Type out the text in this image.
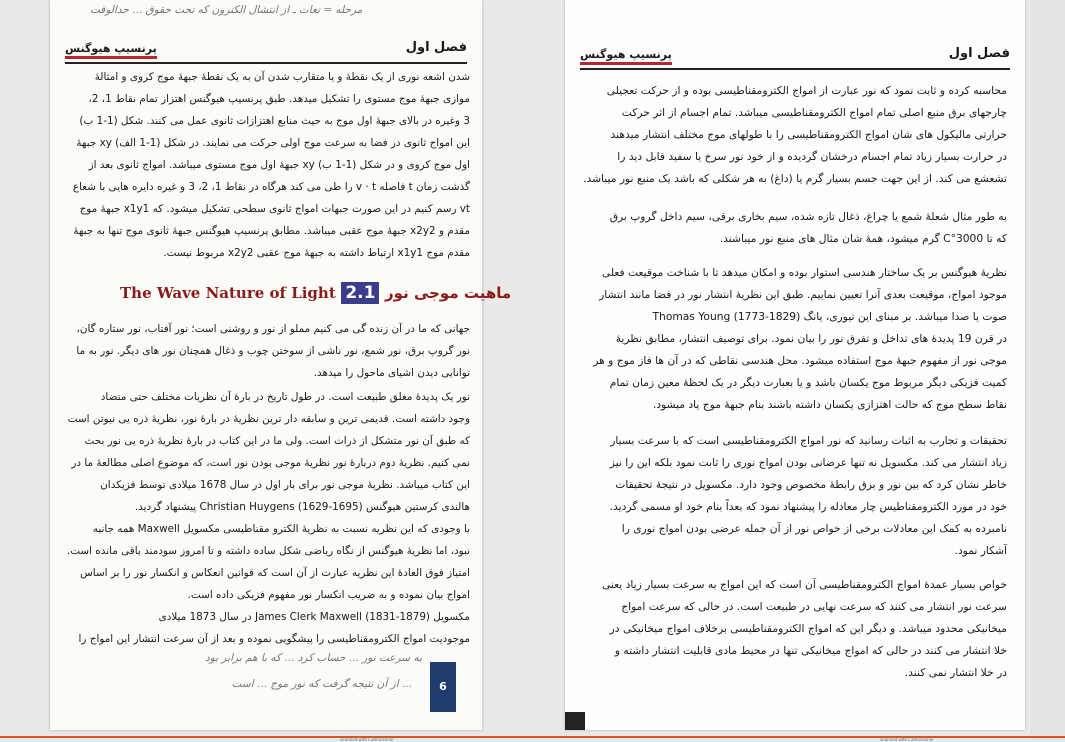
مرحله = تعات ـ از انتشال الکترون که تحت حقوق ... حد‌الوقت
فصل اول
پرنسیپ هیوگنس
شدن اشعه نوری از یک نقطهٔ و یا متقارب شدن آن به یک نقطهٔ جبههٔ موج کروی و امثالهٔ
موازی جبههٔ موج مستوی را تشکیل میدهد. طبق پرنسیپ هیوگنس اهتزاز تمام نقاط 1، 2،
3 وغیره در بالای جبههٔ اول موج به حیث منابع اهتزازات ثانوی عمل می کنند. شکل (1-1 ب)
این امواج ثانوی در فضا به سرعت موج اولی حرکت می نمایند. در شکل (1-1 الف) xy جبههٔ
اول موج کروی و در شکل (1-1 ب) xy جبههٔ اول موج مستوی میباشد. امواج ثانوی بعد از
گذشت زمان t فاصله v · t را طی می کند هرگاه در نقاط 1، 2، 3 و غیره دایره هایی با شعاع
vt رسم کنیم در این صورت جبهات امواج ثانوی سطحی تشکیل میشود. که x1y1 جبههٔ موج
مقدم و x2y2 جبههٔ موج عقبی میباشد. مطابق پرنسیپ هیوگنس جبههٔ ثانوی موج تنها به جبههٔ
مقدم موج x1y1 ارتباط داشته به جبههٔ موج عقبی x2y2 مربوط نیست.
The Wave Nature of Light	ماهیت موجی نور 2.1
جهانی که ما در آن زنده گی می کنیم مملو از نور و روشنی است؛ نور آفتاب، نور ستاره گان،
نور گروپ برق، نور شمع، نور ناشی از سوختن چوب و ذغال همچنان نور های دیگر. نور به ما
توانایی دیدن اشیای ماحول را میدهد.
نور یک پدیدهٔ مغلق طبیعت است. در طول تاریخ در بارهٔ آن نظریات مختلف حتی متضاد
وجود داشته است. قدیمی ترین و سابقه دار ترین نظریهٔ در بارهٔ نور، نظریهٔ ذره یی نیوتن است
که طبق آن نور متشکل از ذرات است. ولی ما در این کتاب در بارهٔ نظریهٔ ذره یی نور بحث
نمی کنیم. نظریهٔ دوم دربارهٔ نور نظریهٔ موجی بودن نور است، که موضوع اصلی مطالعهٔ ما در
این کتاب میباشد. نظریهٔ موجی نور برای بار اول در سال 1678 میلادی توسط فزیکدان
هالندی کرستین هیوگنس Christian Huygens (1629-1695) پیشنهاد گردید.
با وجودی که این نظریه نسبت به نظریهٔ الکترو مقناطیسی مکسویل Maxwell همه جانبه
نبود، اما نظریهٔ هیوگنس از نگاه ریاضی شکل ساده داشته و تا امروز سودمند باقی مانده است.
امتیاز فوق العادهٔ این نظریه عبارت از آن است که قوانین انعکاس و انکسار نور را بر اساس
امواج بیان نموده و به ضریب انکسار نور مفهوم فزیکی داده است.
مکسویل James Clerk Maxwell (1831-1879) در سال 1873 میلادی
موجودیت امواج الکترومقناطیسی را پیشگویی نموده و بعد از آن سرعت انتشار این امواج را
به سرعت نور ... حساب کرد ... که با هم برابر بود
... از آن نتیجه گرفت که نور موج ... است	6
فصل اول
پرنسیپ هیوگنس
محاسبه کرده و ثابت نمود که نور عبارت از امواج الکترومقناطیسی بوده و از حرکت تعجیلی
چارجهای برق منبع اصلی تمام امواج الکترومقناطیسی میباشد. تمام اجسام از اثر حرکت
حرارتی مالیکول های شان امواج الکترومقناطیسی را با طولهای موج مختلف انتشار میدهند
در حرارت بسیار زیاد تمام اجسام درخشان گردیده و از خود نور سرخ یا سفید قابل دید را
تشعشع می کند. از این جهت جسم بسیار گرم یا (داغ) به هر شکلی که باشد یک منبع نور میباشد.
به طور مثال شعلهٔ شمع یا چراغ، ذغال تازه شده، سیم بخاری برقی، سیم داخل گروپ برق
که تا 3000°C گرم میشود، همهٔ شان مثال های منبع نور میباشند.
نظریهٔ هیوگنس بر یک ساختار هندسی استوار بوده و امکان میدهد تا با شناخت موقیعت فعلی
موجود امواج، موقیعت بعدی آنرا تعیین نماییم. طبق این نظریهٔ انتشار نور در فضا مانند انتشار
صوت یا صدا میباشد. بر مبنای این تیوری، یانگ Thomas Young (1773-1829)
در قرن 19 پدیدهٔ های تداخل و تفرق نور را بیان نمود. برای توصیف انتشار، مطابق نظریهٔ
موجی نور از مفهوم جبههٔ موج استفاده میشود. محل هندسی نقاطی که در آن ها فاز موج و هر
کمیت فزیکی دیگر مربوط موج یکسان باشد و یا بعبارت دیگر در یک لحظهٔ معین زمان تمام
نقاط سطح موج که حالت اهتزازی یکسان داشته باشند بنام جبههٔ موج یاد میشود.
تحقیقات و تجارب به اثبات رسانید که نور امواج الکترومقناطیسی است که با سرعت بسیار
زیاد انتشار می کند. مکسویل نه تنها عرضانی بودن امواج نوری را ثابت نمود بلکه این را نیز
خاطر نشان کرد که بین نور و برق رابطهٔ مخصوص وجود دارد. مکسویل در نتیجهٔ تحقیقات
خود در مورد الکترومقناطیس چار معادله را پیشنهاد نمود که بعداً بنام خود او مسمی گردید.
نامبرده به کمک این معادلات برخی از خواص نور از آن جمله عرضی بودن امواج نوری را
آشکار نمود.
خواص بسیار عمدهٔ امواج الکترومقناطیسی آن است که این امواج به سرعت بسیار زیاد یعنی
سرعت نور انتشار می کنند که سرعت نهایی در طبیعت است. در حالی که سرعت امواج
میخانیکی محدود میباشد. و دیگر این که امواج الکترومقناطیسی برخلاف امواج میخانیکی در
خلا انتشار می کنند در حالی که امواج میخانیکی تنها در محیط مادی قابلیت انتشار داشته و
در خلا انتشار نمی کنند.
Scanned with CamScanner	Scanned with CamScanner
